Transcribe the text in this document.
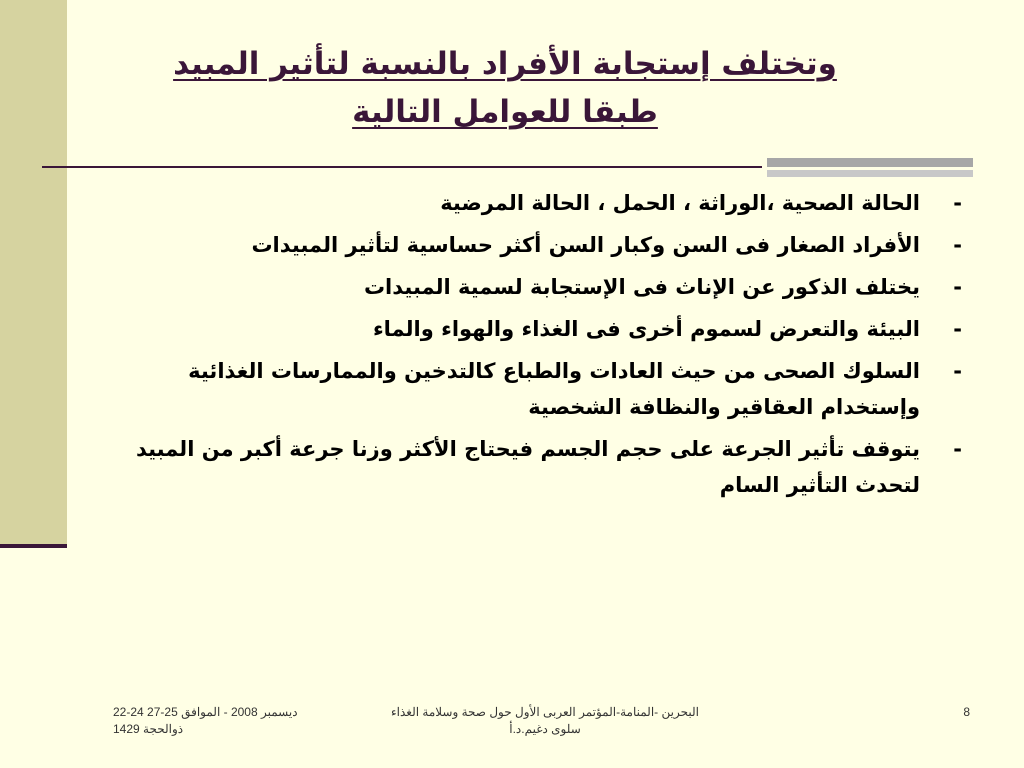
وتختلف إستجابة الأفراد بالنسبة لتأثير المبيد
طبقا للعوامل التالية
-
الحالة الصحية ،الوراثة ، الحمل ، الحالة المرضية
-
الأفراد الصغار فى السن وكبار السن أكثر حساسية لتأثير المبيدات
-
يختلف الذكور عن الإناث فى الإستجابة لسمية المبيدات
-
البيئة والتعرض لسموم أخرى فى الغذاء والهواء والماء
-
السلوك الصحى من حيث العادات والطباع كالتدخين والممارسات الغذائية وإستخدام العقاقير والنظافة الشخصية
-
يتوقف تأثير الجرعة على حجم الجسم فيحتاج الأكثر وزنا جرعة أكبر من المبيد لتحدث التأثير السام
22-24 ديسمبر 2008 - الموافق 25-27
ذوالحجة 1429
البحرين -المنامة-المؤتمر العربى الأول حول صحة وسلامة الغذاء
سلوى دغيم.د.أ
8
